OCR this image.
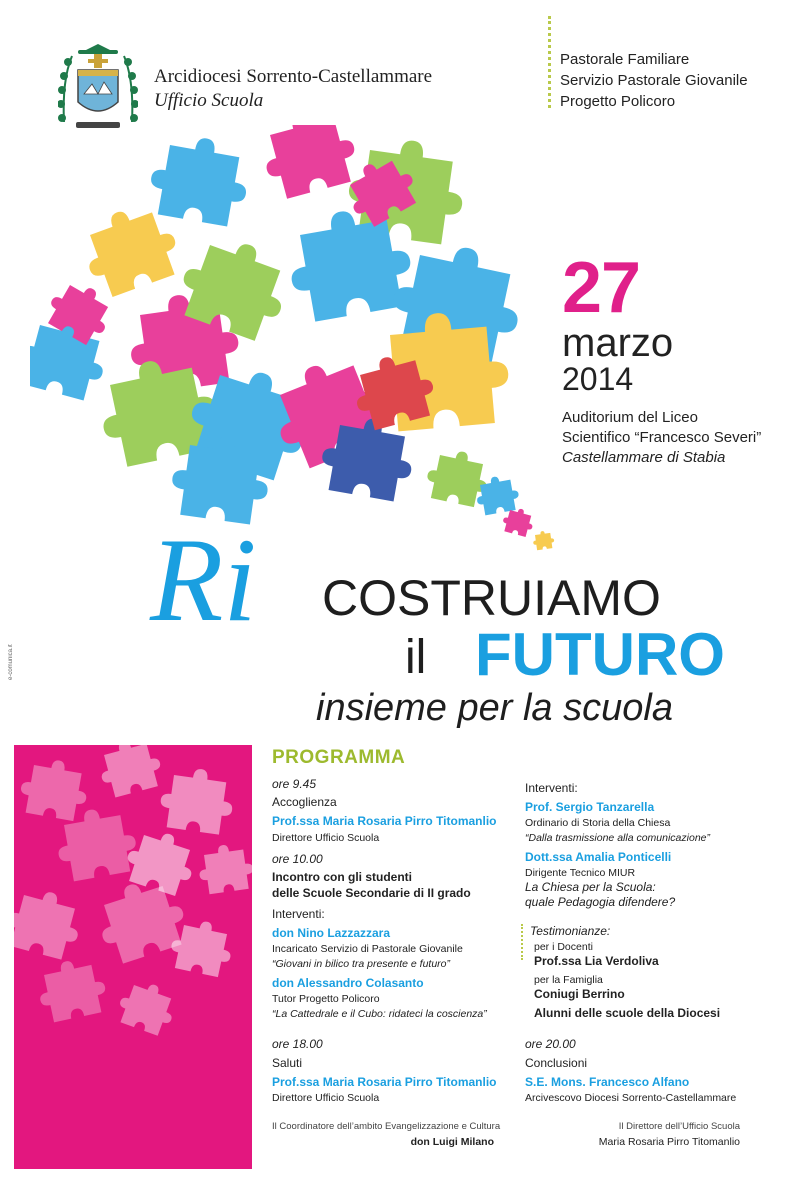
Arcidiocesi Sorrento-Castellammare
Ufficio Scuola
Pastorale Familiare
Servizio Pastorale Giovanile
Progetto Policoro
27
marzo
2014
Auditorium del Liceo
Scientifico “Francesco Severi”
Castellammare di Stabia
Ri COSTRUIAMO
il FUTURO
insieme per la scuola
e-comunica.it
PROGRAMMA
ore 9.45
Accoglienza
Prof.ssa Maria Rosaria Pirro Titomanlio
Direttore Ufficio Scuola
ore 10.00
Incontro con gli studenti
delle Scuole Secondarie di II grado
Interventi:
don Nino Lazzazzara
Incaricato Servizio di Pastorale Giovanile
“Giovani in bilico tra presente e futuro”
don Alessandro Colasanto
Tutor Progetto Policoro
“La Cattedrale e il Cubo: ridateci la coscienza”
ore 18.00
Saluti
Prof.ssa Maria Rosaria Pirro Titomanlio
Direttore Ufficio Scuola
Il Coordinatore dell’ambito Evangelizzazione e Cultura
don Luigi Milano
Interventi:
Prof. Sergio Tanzarella
Ordinario di Storia della Chiesa
“Dalla trasmissione alla comunicazione”
Dott.ssa Amalia Ponticelli
Dirigente Tecnico MIUR
La Chiesa per la Scuola:
quale Pedagogia difendere?
Testimonianze:
per i Docenti
Prof.ssa Lia Verdoliva
per la Famiglia
Coniugi Berrino
Alunni delle scuole della Diocesi
ore 20.00
Conclusioni
S.E. Mons. Francesco Alfano
Arcivescovo Diocesi Sorrento-Castellammare
Il Direttore dell’Ufficio Scuola
Maria Rosaria Pirro Titomanlio
